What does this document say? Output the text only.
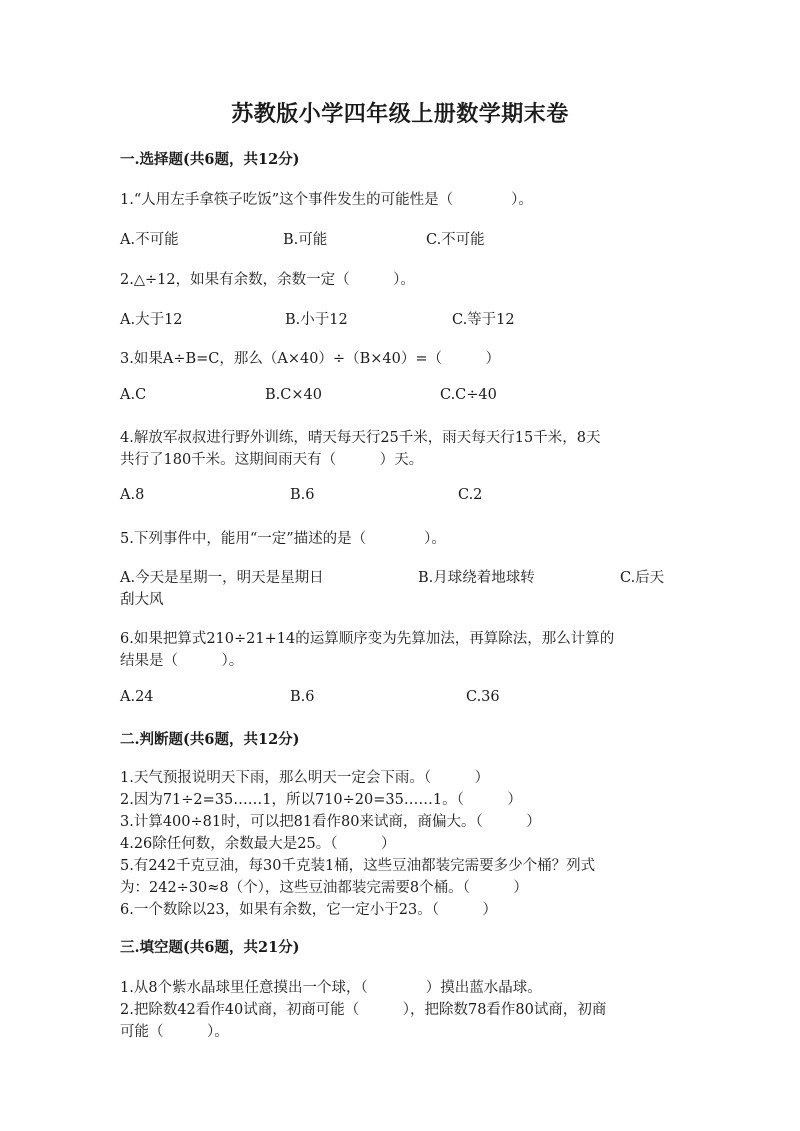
苏教版小学四年级上册数学期末卷
一.选择题(共6题，共12分)
1.“人用左手拿筷子吃饭”这个事件发生的可能性是（　　　　）。
A.不可能	B.可能	C.不可能
2.△÷12，如果有余数，余数一定（　　　）。
A.大于12	B.小于12	C.等于12
3.如果A÷B=C，那么（A×40）÷（B×40）=（　　　）
A.C	B.C×40	C.C÷40
4.解放军叔叔进行野外训练，晴天每天行25千米，雨天每天行15千米，8天
共行了180千米。这期间雨天有（　　　）天。
A.8	B.6	C.2
5.下列事件中，能用“一定”描述的是（　　　　）。
A.今天是星期一，明天是星期日	B.月球绕着地球转	C.后天
刮大风
6.如果把算式210÷21+14的运算顺序变为先算加法，再算除法，那么计算的
结果是（　　　）。
A.24	B.6	C.36
二.判断题(共6题，共12分)
1.天气预报说明天下雨，那么明天一定会下雨。（　　　）
2.因为71÷2=35……1，所以710÷20=35……1。（　　　）
3.计算400÷81时，可以把81看作80来试商，商偏大。（　　　）
4.26除任何数，余数最大是25。（　　　）
5.有242千克豆油，每30千克装1桶，这些豆油都装完需要多少个桶？列式
为：242÷30≈8（个），这些豆油都装完需要8个桶。（　　　）
6.一个数除以23，如果有余数，它一定小于23。（　　　）
三.填空题(共6题，共21分)
1.从8个紫水晶球里任意摸出一个球，（　　　　）摸出蓝水晶球。
2.把除数42看作40试商，初商可能（　　　），把除数78看作80试商，初商
可能（　　　）。
